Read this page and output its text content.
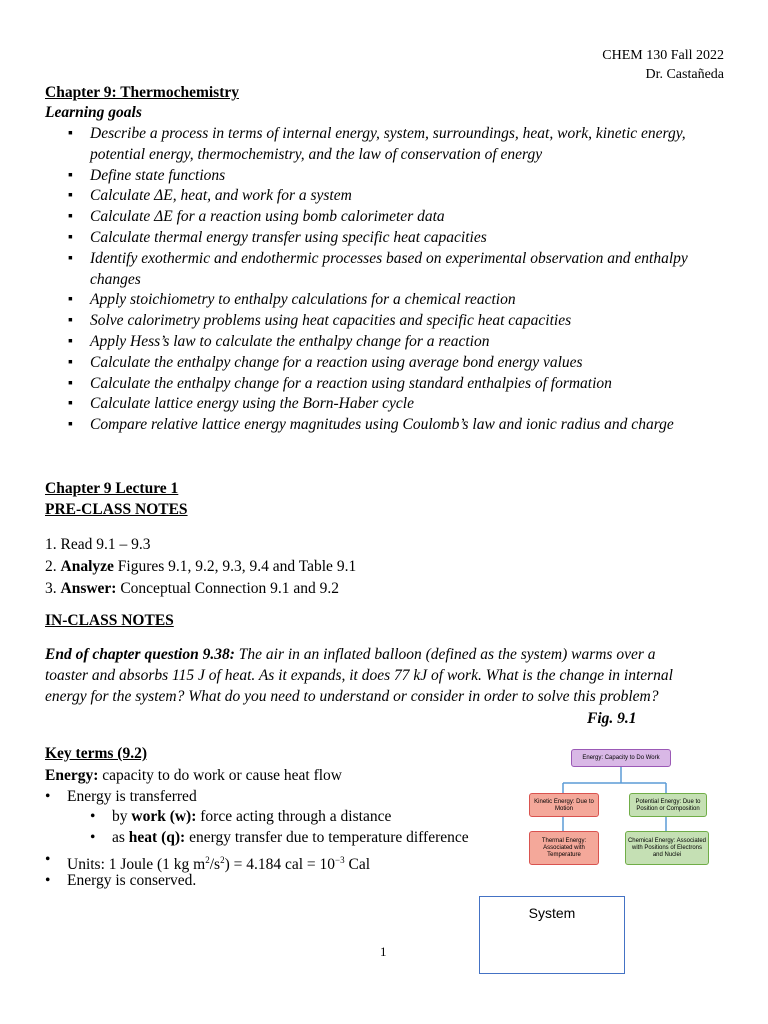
CHEM 130 Fall 2022
Dr. Castañeda
Chapter 9: Thermochemistry
Learning goals
▪ Describe a process in terms of internal energy, system, surroundings, heat, work, kinetic energy, potential energy, thermochemistry, and the law of conservation of energy
▪ Define state functions
▪ Calculate ΔE, heat, and work for a system
▪ Calculate ΔE for a reaction using bomb calorimeter data
▪ Calculate thermal energy transfer using specific heat capacities
▪ Identify exothermic and endothermic processes based on experimental observation and enthalpy changes
▪ Apply stoichiometry to enthalpy calculations for a chemical reaction
▪ Solve calorimetry problems using heat capacities and specific heat capacities
▪ Apply Hess’s law to calculate the enthalpy change for a reaction
▪ Calculate the enthalpy change for a reaction using average bond energy values
▪ Calculate the enthalpy change for a reaction using standard enthalpies of formation
▪ Calculate lattice energy using the Born-Haber cycle
▪ Compare relative lattice energy magnitudes using Coulomb’s law and ionic radius and charge
Chapter 9 Lecture 1
PRE-CLASS NOTES
1. Read 9.1 – 9.3
2. Analyze Figures 9.1, 9.2, 9.3, 9.4 and Table 9.1
3. Answer: Conceptual Connection 9.1 and 9.2
IN-CLASS NOTES
End of chapter question 9.38: The air in an inflated balloon (defined as the system) warms over a toaster and absorbs 115 J of heat. As it expands, it does 77 kJ of work. What is the change in internal energy for the system? What do you need to understand or consider in order to solve this problem?
Fig. 9.1
Key terms (9.2)
Energy: capacity to do work or cause heat flow
• Energy is transferred
• by work (w): force acting through a distance
• as heat (q): energy transfer due to temperature difference
• Units: 1 Joule (1 kg $m^2/s^2) = 4.184$ cal = $10^{-3}$ Cal
• Energy is conserved.
Energy: Capacity to Do Work
Kinetic Energy: Due to Motion
Potential Energy: Due to Position or Composition
Thermal Energy: Associated with Temperature
Chemical Energy: Associated with Positions of Electrons and Nuclei
System
1
